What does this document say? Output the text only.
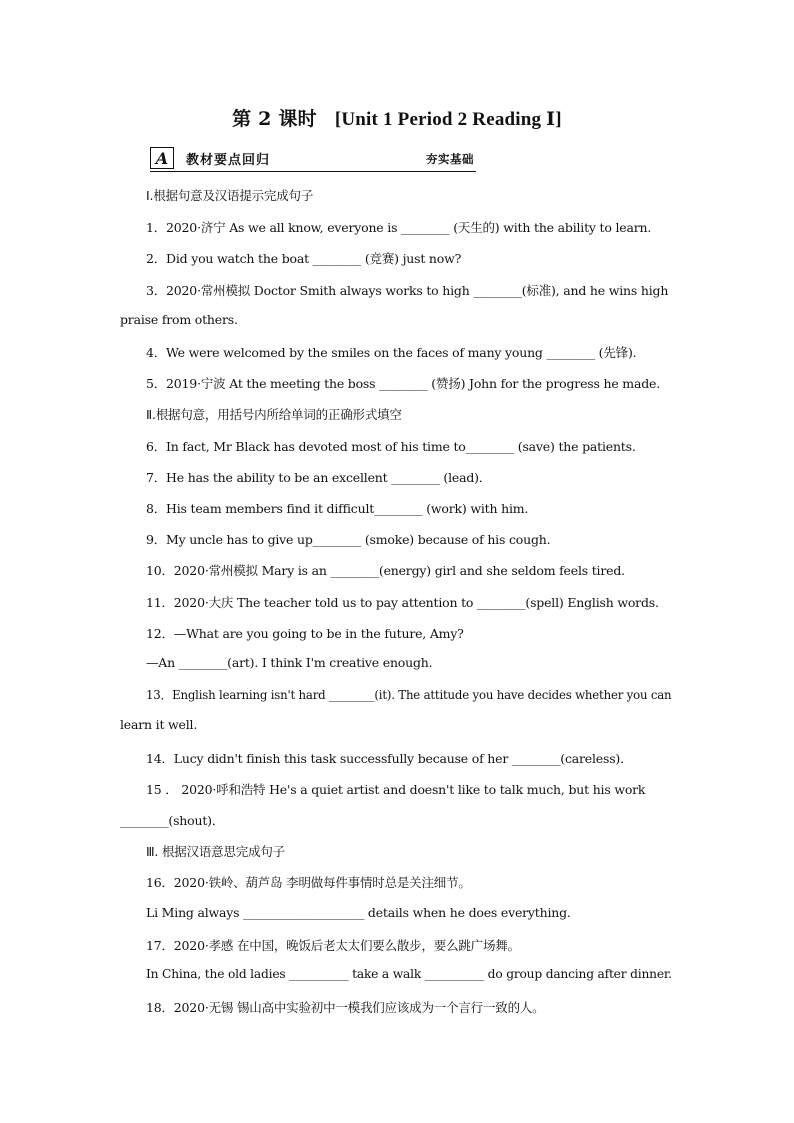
第 2 课时 [Unit 1 Period 2 Reading Ⅰ]
A	教材要点回归	夯实基础
Ⅰ.根据句意及汉语提示完成句子
1．2020·济宁 As we all know, everyone is ________ (天生的) with the ability to learn.
2．Did you watch the boat ________ (竞赛) just now?
3．2020·常州模拟 Doctor Smith always works to high ________(标准), and he wins high
praise from others.
4．We were welcomed by the smiles on the faces of many young ________ (先锋).
5．2019·宁波 At the meeting the boss ________ (赞扬) John for the progress he made.
Ⅱ.根据句意，用括号内所给单词的正确形式填空
6．In fact, Mr Black has devoted most of his time to________ (save) the patients.
7．He has the ability to be an excellent ________ (lead)．
8．His team members find it difficult________ (work) with him.
9．My uncle has to give up________ (smoke) because of his cough.
10．2020·常州模拟 Mary is an ________(energy) girl and she seldom feels tired.
11．2020·大庆 The teacher told us to pay attention to ________(spell) English words.
12．—What are you going to be in the future, Amy?
—An ________(art). I think I'm creative enough.
13．English learning isn't hard ________(it). The attitude you have decides whether you can
learn it well.
14．Lucy didn't finish this task successfully because of her ________(careless)．
15 ． 2020·呼和浩特 He's a quiet artist and doesn't like to talk much, but his work
________(shout)．
Ⅲ. 根据汉语意思完成句子
16．2020·铁岭、葫芦岛 李明做每件事情时总是关注细节。
Li Ming always ____________________ details when he does everything.
17．2020·孝感 在中国，晚饭后老太太们要么散步，要么跳广场舞。
In China, the old ladies __________ take a walk __________ do group dancing after dinner.
18．2020·无锡 锡山高中实验初中一模我们应该成为一个言行一致的人。
